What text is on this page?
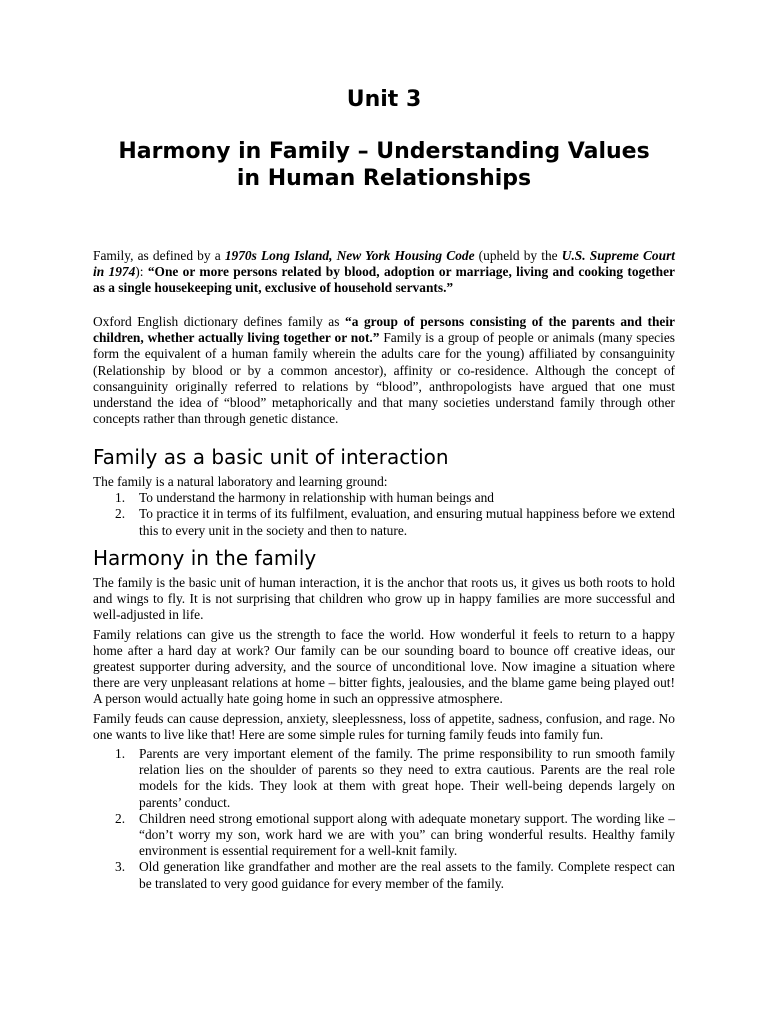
Unit 3
Harmony in Family – Understanding Values
in Human Relationships

Family, as defined by a 1970s Long Island, New York Housing Code (upheld by the U.S. Supreme Court in 1974): “One or more persons related by blood, adoption or marriage, living and cooking together as a single housekeeping unit, exclusive of household servants.”

Oxford English dictionary defines family as “a group of persons consisting of the parents and their children, whether actually living together or not.” Family is a group of people or animals (many species form the equivalent of a human family wherein the adults care for the young) affiliated by consanguinity (Relationship by blood or by a common ancestor), affinity or co-residence. Although the concept of consanguinity originally referred to relations by “blood”, anthropologists have argued that one must understand the idea of “blood” metaphorically and that many societies understand family through other concepts rather than through genetic distance.

Family as a basic unit of interaction

The family is a natural laboratory and learning ground:

1. To understand the harmony in relationship with human beings and
2. To practice it in terms of its fulfilment, evaluation, and ensuring mutual happiness before we extend this to every unit in the society and then to nature.
Harmony in the family

The family is the basic unit of human interaction, it is the anchor that roots us, it gives us both roots to hold and wings to fly. It is not surprising that children who grow up in happy families are more successful and well-adjusted in life.

Family relations can give us the strength to face the world. How wonderful it feels to return to a happy home after a hard day at work? Our family can be our sounding board to bounce off creative ideas, our greatest supporter during adversity, and the source of unconditional love. Now imagine a situation where there are very unpleasant relations at home – bitter fights, jealousies, and the blame game being played out! A person would actually hate going home in such an oppressive atmosphere.

Family feuds can cause depression, anxiety, sleeplessness, loss of appetite, sadness, confusion, and rage. No one wants to live like that! Here are some simple rules for turning family feuds into family fun.

1. Parents are very important element of the family. The prime responsibility to run smooth family relation lies on the shoulder of parents so they need to extra cautious. Parents are the real role models for the kids. They look at them with great hope. Their well-being depends largely on parents’ conduct.
2. Children need strong emotional support along with adequate monetary support. The wording like – “don’t worry my son, work hard we are with you” can bring wonderful results. Healthy family environment is essential requirement for a well-knit family.
3. Old generation like grandfather and mother are the real assets to the family. Complete respect can be translated to very good guidance for every member of the family.
